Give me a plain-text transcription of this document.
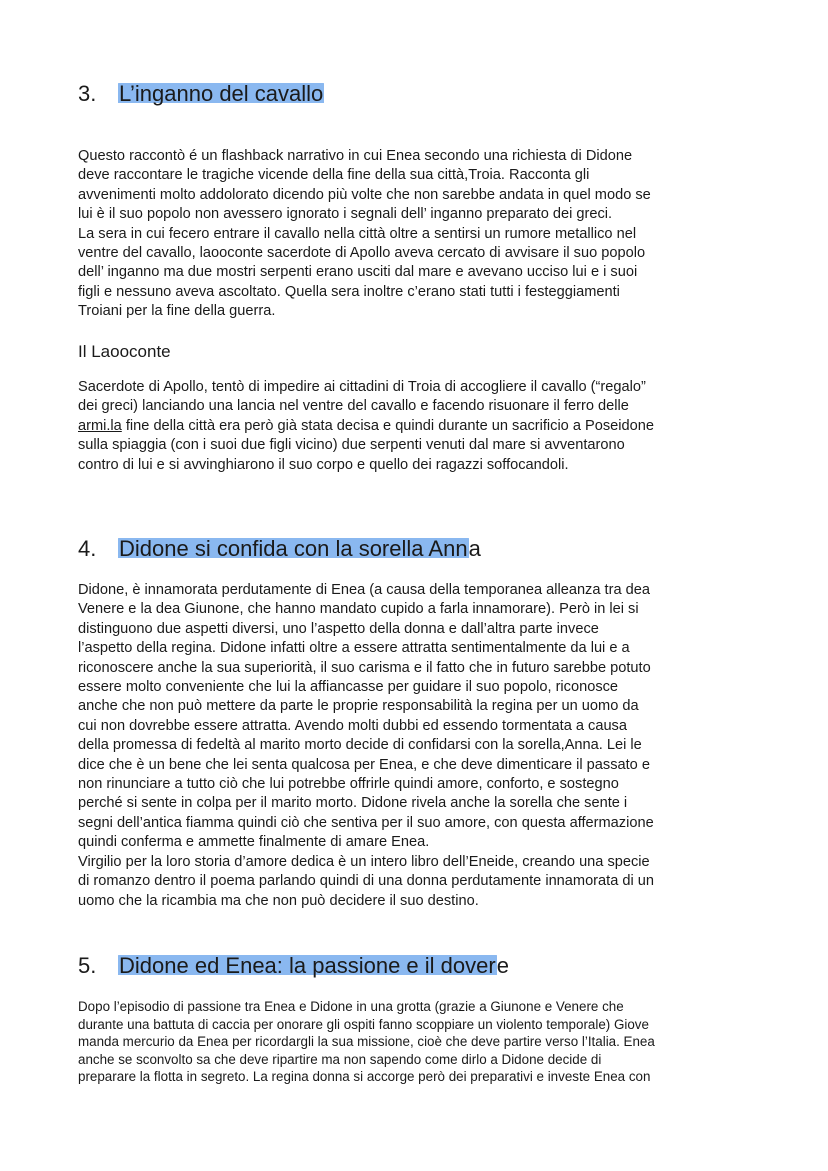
3. L’inganno del cavallo
Questo raccontò é un flashback narrativo in cui Enea secondo una richiesta di Didone
deve raccontare le tragiche vicende della fine della sua città,Troia. Racconta gli
avvenimenti molto addolorato dicendo più volte che non sarebbe andata in quel modo se
lui è il suo popolo non avessero ignorato i segnali dell’ inganno preparato dei greci.
La sera in cui fecero entrare il cavallo nella città oltre a sentirsi un rumore metallico nel
ventre del cavallo, laooconte sacerdote di Apollo aveva cercato di avvisare il suo popolo
dell’ inganno ma due mostri serpenti erano usciti dal mare e avevano ucciso lui e i suoi
figli e nessuno aveva ascoltato. Quella sera inoltre c’erano stati tutti i festeggiamenti
Troiani per la fine della guerra.
Il Laooconte
Sacerdote di Apollo, tentò di impedire ai cittadini di Troia di accogliere il cavallo (“regalo”
dei greci) lanciando una lancia nel ventre del cavallo e facendo risuonare il ferro delle
armi.la fine della città era però già stata decisa e quindi durante un sacrificio a Poseidone
sulla spiaggia (con i suoi due figli vicino) due serpenti venuti dal mare si avventarono
contro di lui e si avvinghiarono il suo corpo e quello dei ragazzi soffocandoli.
4. Didone si confida con la sorella Anna
Didone, è innamorata perdutamente di Enea (a causa della temporanea alleanza tra dea
Venere e la dea Giunone, che hanno mandato cupido a farla innamorare). Però in lei si
distinguono due aspetti diversi, uno l’aspetto della donna e dall’altra parte invece
l’aspetto della regina. Didone infatti oltre a essere attratta sentimentalmente da lui e a
riconoscere anche la sua superiorità, il suo carisma e il fatto che in futuro sarebbe potuto
essere molto conveniente che lui la affiancasse per guidare il suo popolo, riconosce
anche che non può mettere da parte le proprie responsabilità la regina per un uomo da
cui non dovrebbe essere attratta. Avendo molti dubbi ed essendo tormentata a causa
della promessa di fedeltà al marito morto decide di confidarsi con la sorella,Anna. Lei le
dice che è un bene che lei senta qualcosa per Enea, e che deve dimenticare il passato e
non rinunciare a tutto ciò che lui potrebbe offrirle quindi amore, conforto, e sostegno
perché si sente in colpa per il marito morto. Didone rivela anche la sorella che sente i
segni dell’antica fiamma quindi ciò che sentiva per il suo amore, con questa affermazione
quindi conferma e ammette finalmente di amare Enea.
Virgilio per la loro storia d’amore dedica è un intero libro dell’Eneide, creando una specie
di romanzo dentro il poema parlando quindi di una donna perdutamente innamorata di un
uomo che la ricambia ma che non può decidere il suo destino.
5. Didone ed Enea: la passione e il dovere
Dopo l’episodio di passione tra Enea e Didone in una grotta (grazie a Giunone e Venere che
durante una battuta di caccia per onorare gli ospiti fanno scoppiare un violento temporale) Giove
manda mercurio da Enea per ricordargli la sua missione, cioè che deve partire verso l’Italia. Enea
anche se sconvolto sa che deve ripartire ma non sapendo come dirlo a Didone decide di
preparare la flotta in segreto. La regina donna si accorge però dei preparativi e investe Enea con
